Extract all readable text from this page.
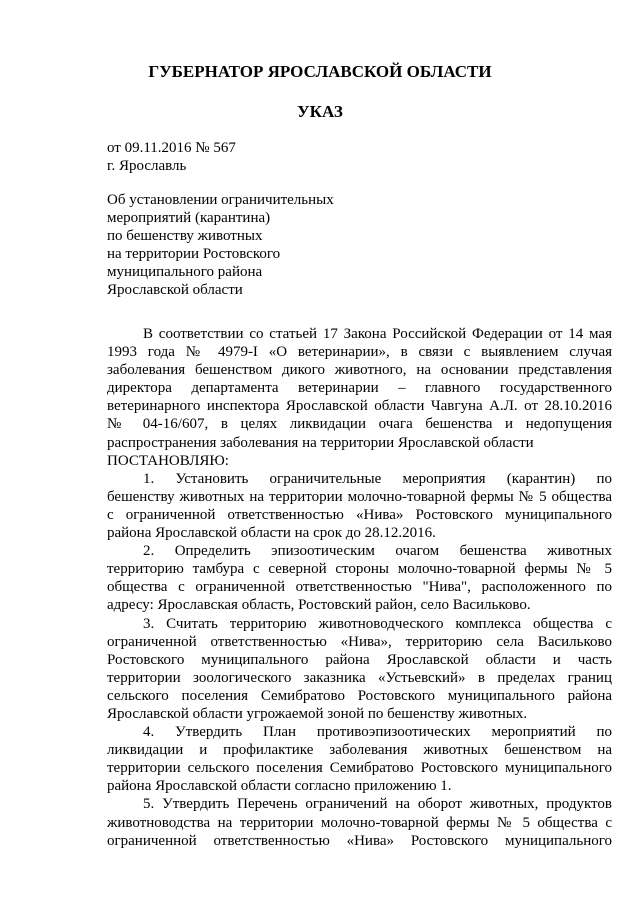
ГУБЕРНАТОР ЯРОСЛАВСКОЙ ОБЛАСТИ
УКАЗ
от 09.11.2016 № 567
г. Ярославль
Об установлении ограничительных
мероприятий (карантина)
по бешенству животных
на территории Ростовского
муниципального района
Ярославской области
В соответствии со статьей 17 Закона Российской Федерации от 14 мая
1993 года № 4979-I «О ветеринарии», в связи с выявлением случая
заболевания бешенством дикого животного, на основании представления
директора департамента ветеринарии – главного государственного
ветеринарного инспектора Ярославской области Чавгуна А.Л. от 28.10.2016
№ 04-16/607, в целях ликвидации очага бешенства и недопущения
распространения заболевания на территории Ярославской области
ПОСТАНОВЛЯЮ:
1. Установить ограничительные мероприятия (карантин) по
бешенству животных на территории молочно-товарной фермы № 5 общества
с ограниченной ответственностью «Нива» Ростовского муниципального
района Ярославской области на срок до 28.12.2016.
2. Определить эпизоотическим очагом бешенства животных
территорию тамбура с северной стороны молочно-товарной фермы № 5
общества с ограниченной ответственностью "Нива", расположенного по
адресу: Ярославская область, Ростовский район, село Васильково.
3. Считать территорию животноводческого комплекса общества с
ограниченной ответственностью «Нива», территорию села Васильково
Ростовского муниципального района Ярославской области и часть
территории зоологического заказника «Устьевский» в пределах границ
сельского поселения Семибратово Ростовского муниципального района
Ярославской области угрожаемой зоной по бешенству животных.
4. Утвердить План противоэпизоотических мероприятий по
ликвидации и профилактике заболевания животных бешенством на
территории сельского поселения Семибратово Ростовского муниципального
района Ярославской области согласно приложению 1.
5. Утвердить Перечень ограничений на оборот животных, продуктов
животноводства на территории молочно-товарной фермы № 5 общества с
ограниченной ответственностью «Нива» Ростовского муниципального
